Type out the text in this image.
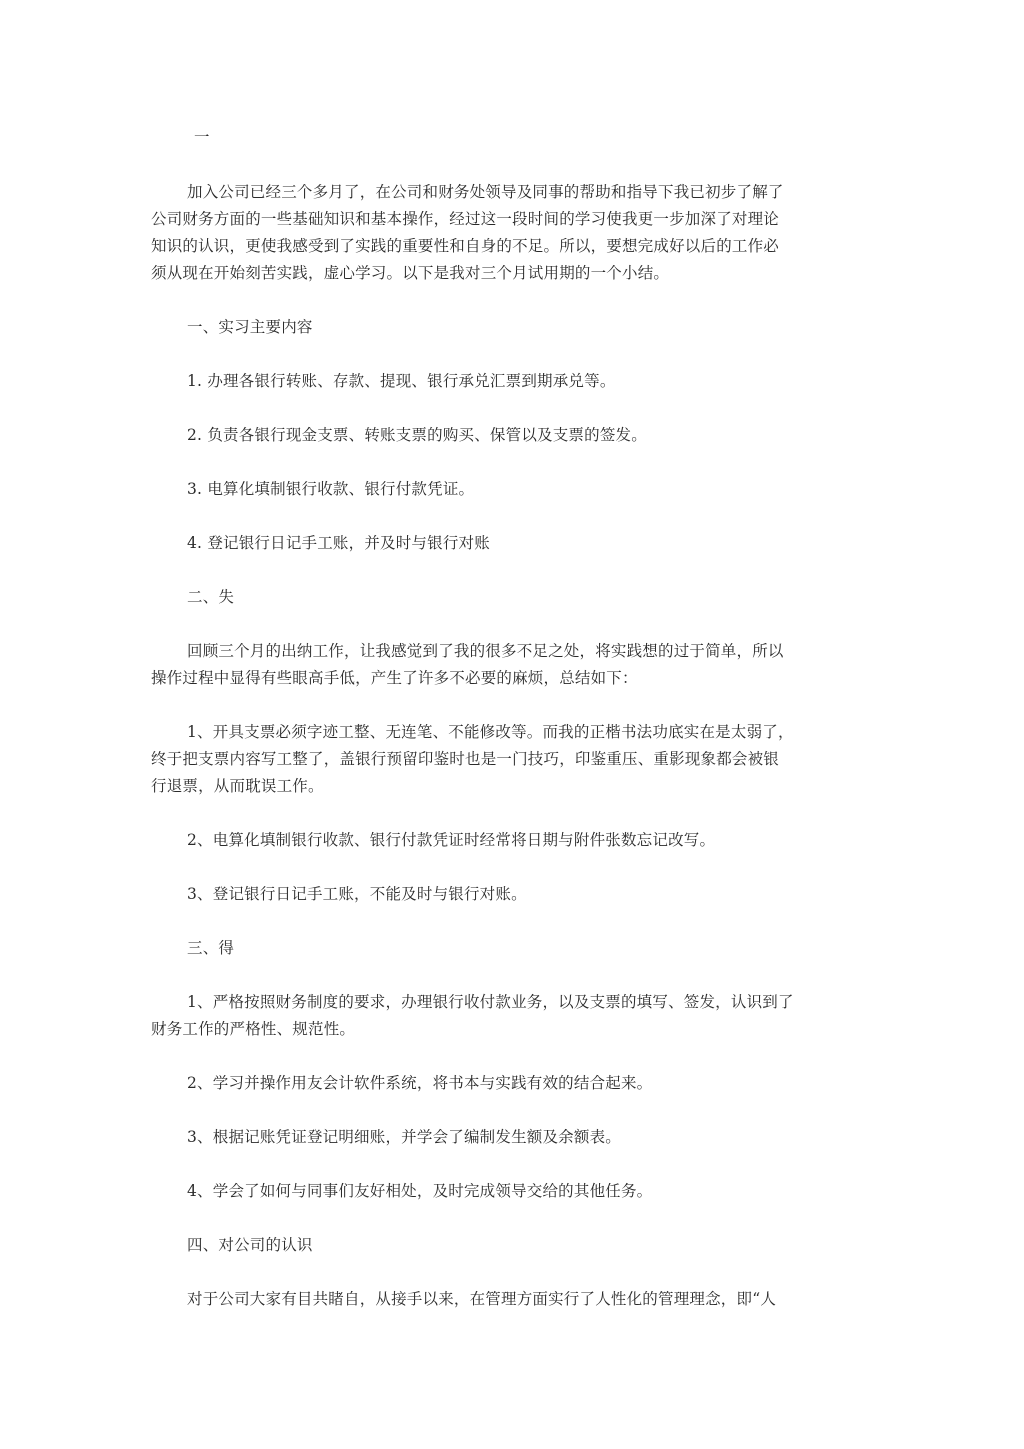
一
加入公司已经三个多月了，在公司和财务处领导及同事的帮助和指导下我已初步了解了
公司财务方面的一些基础知识和基本操作，经过这一段时间的学习使我更一步加深了对理论
知识的认识，更使我感受到了实践的重要性和自身的不足。所以，要想完成好以后的工作必
须从现在开始刻苦实践，虚心学习。以下是我对三个月试用期的一个小结。
一、实习主要内容
1. 办理各银行转账、存款、提现、银行承兑汇票到期承兑等。
2. 负责各银行现金支票、转账支票的购买、保管以及支票的签发。
3. 电算化填制银行收款、银行付款凭证。
4. 登记银行日记手工账，并及时与银行对账
二、失
回顾三个月的出纳工作，让我感觉到了我的很多不足之处，将实践想的过于简单，所以
操作过程中显得有些眼高手低，产生了许多不必要的麻烦，总结如下：
1、开具支票必须字迹工整、无连笔、不能修改等。而我的正楷书法功底实在是太弱了，
终于把支票内容写工整了，盖银行预留印鉴时也是一门技巧，印鉴重压、重影现象都会被银
行退票，从而耽误工作。
2、电算化填制银行收款、银行付款凭证时经常将日期与附件张数忘记改写。
3、登记银行日记手工账，不能及时与银行对账。
三、得
1、严格按照财务制度的要求，办理银行收付款业务，以及支票的填写、签发，认识到了
财务工作的严格性、规范性。
2、学习并操作用友会计软件系统，将书本与实践有效的结合起来。
3、根据记账凭证登记明细账，并学会了编制发生额及余额表。
4、学会了如何与同事们友好相处，及时完成领导交给的其他任务。
四、对公司的认识
对于公司大家有目共睹自，从接手以来，在管理方面实行了人性化的管理理念，即“人
